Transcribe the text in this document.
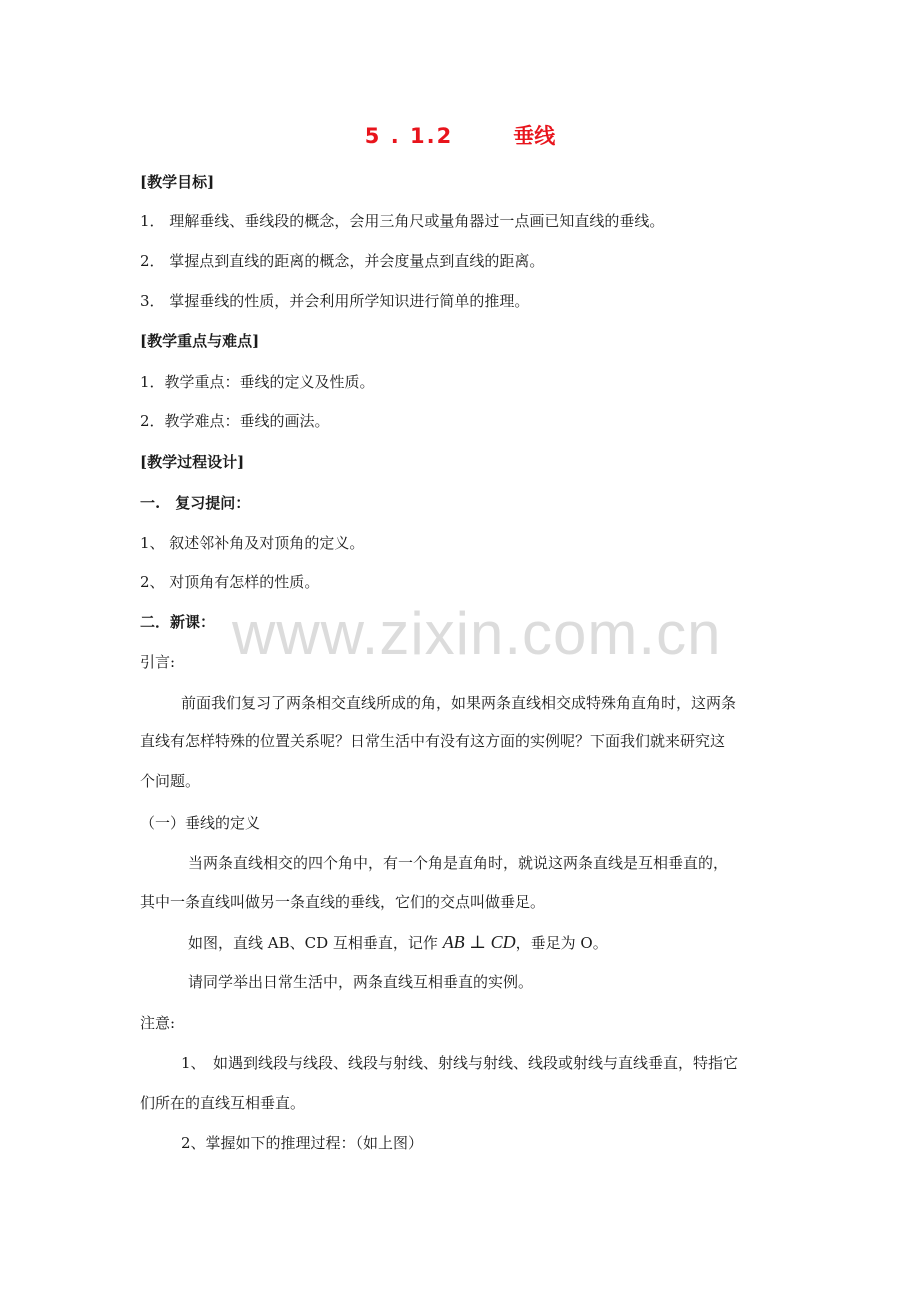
5 . 1.2	垂线
[教学目标]
1． 理解垂线、垂线段的概念，会用三角尺或量角器过一点画已知直线的垂线。
2． 掌握点到直线的距离的概念，并会度量点到直线的距离。
3． 掌握垂线的性质，并会利用所学知识进行简单的推理。
[教学重点与难点]
1．教学重点：垂线的定义及性质。
2．教学难点：垂线的画法。
[教学过程设计]
一.　复习提问：
1、 叙述邻补角及对顶角的定义。
2、 对顶角有怎样的性质。
二．新课：
引言:
前面我们复习了两条相交直线所成的角，如果两条直线相交成特殊角直角时，这两条
直线有怎样特殊的位置关系呢？日常生活中有没有这方面的实例呢？下面我们就来研究这
个问题。
（一）垂线的定义
当两条直线相交的四个角中，有一个角是直角时，就说这两条直线是互相垂直的，
其中一条直线叫做另一条直线的垂线，它们的交点叫做垂足。
如图，直线 AB、CD 互相垂直，记作 AB ⊥ CD，垂足为 O。
请同学举出日常生活中，两条直线互相垂直的实例。
注意:
1、　如遇到线段与线段、线段与射线、射线与射线、线段或射线与直线垂直，特指它
们所在的直线互相垂直。
2、掌握如下的推理过程：（如上图）
www.zixin.com.cn
